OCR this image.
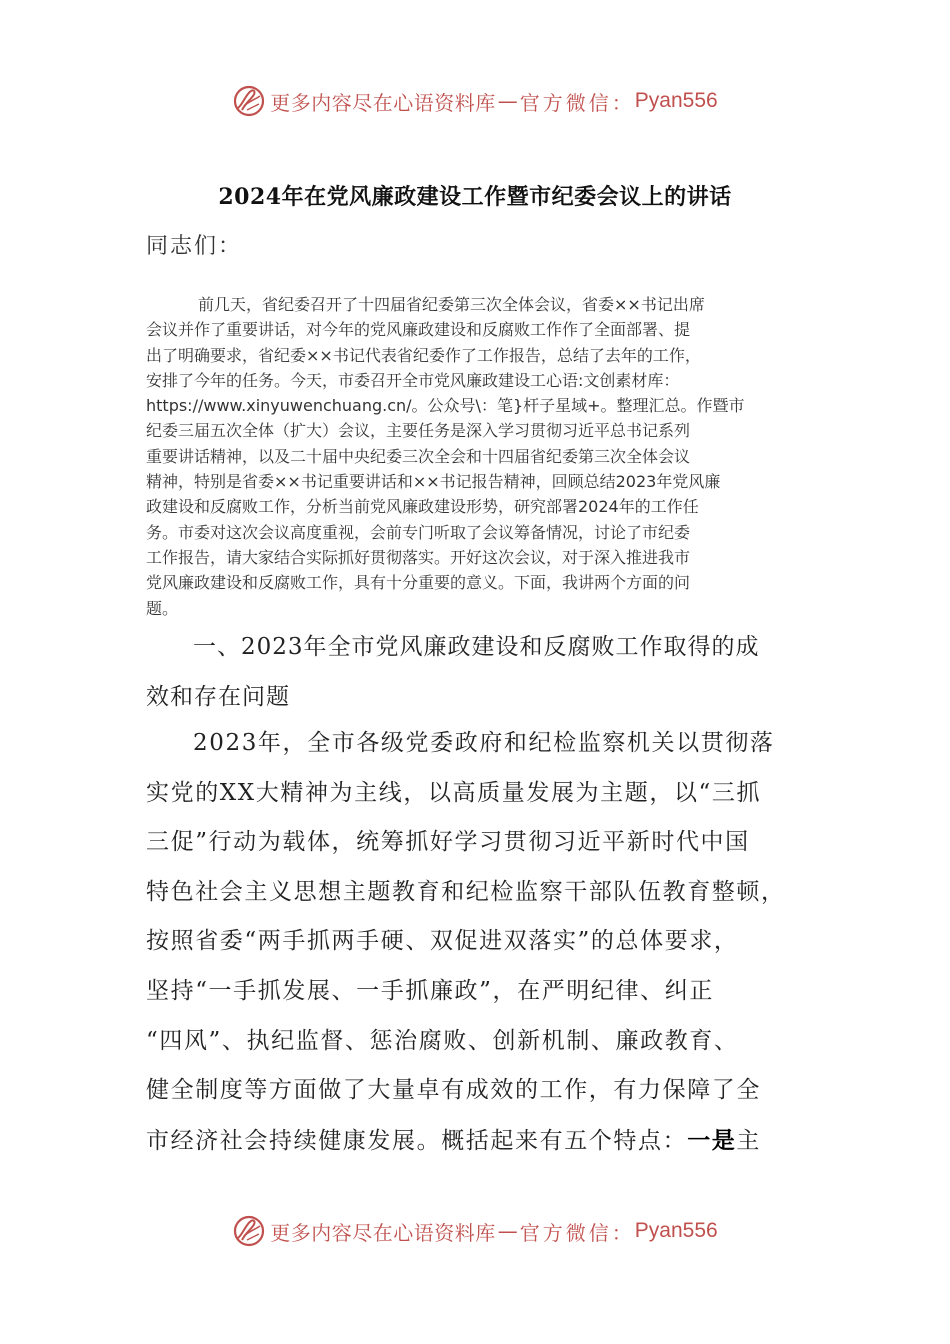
更多内容尽在心语资料库 — 官方微信： Pyan556
2024年在党风廉政建设工作暨市纪委会议上的讲话
同志们：
前几天，省纪委召开了十四届省纪委第三次全体会议，省委××书记出席
会议并作了重要讲话，对今年的党风廉政建设和反腐败工作作了全面部署、提
出了明确要求，省纪委××书记代表省纪委作了工作报告，总结了去年的工作，
安排了今年的任务。今天，市委召开全市党风廉政建设工心语:文创素材库：
https://www.xinyuwenchuang.cn/。公众号\：笔}杆子星域+。整理汇总。作暨市
纪委三届五次全体（扩大）会议，主要任务是深入学习贯彻习近平总书记系列
重要讲话精神，以及二十届中央纪委三次全会和十四届省纪委第三次全体会议
精神，特别是省委××书记重要讲话和××书记报告精神，回顾总结2023年党风廉
政建设和反腐败工作，分析当前党风廉政建设形势，研究部署2024年的工作任
务。市委对这次会议高度重视，会前专门听取了会议筹备情况，讨论了市纪委
工作报告，请大家结合实际抓好贯彻落实。开好这次会议，对于深入推进我市
党风廉政建设和反腐败工作，具有十分重要的意义。下面，我讲两个方面的问
题。
一、2023年全市党风廉政建设和反腐败工作取得的成
效和存在问题
2023年，全市各级党委政府和纪检监察机关以贯彻落
实党的XX大精神为主线，以高质量发展为主题，以“三抓
三促”行动为载体，统筹抓好学习贯彻习近平新时代中国
特色社会主义思想主题教育和纪检监察干部队伍教育整顿，
按照省委“两手抓两手硬、双促进双落实”的总体要求，
坚持“一手抓发展、一手抓廉政”，在严明纪律、纠正
“四风”、执纪监督、惩治腐败、创新机制、廉政教育、
健全制度等方面做了大量卓有成效的工作，有力保障了全
市经济社会持续健康发展。概括起来有五个特点：一是主
更多内容尽在心语资料库 — 官方微信： Pyan556
